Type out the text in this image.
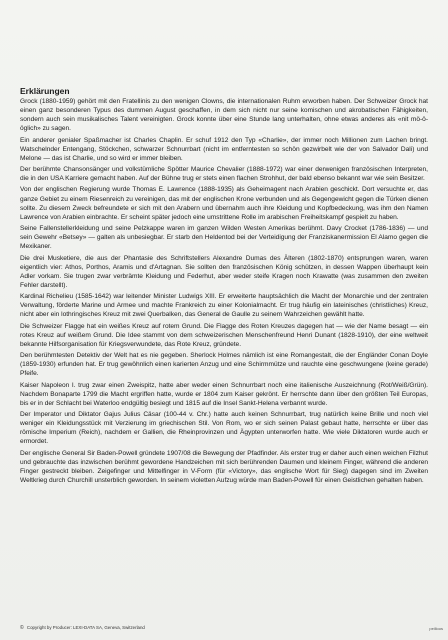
Erklärungen

Grock (1880-1959) gehört mit den Fratellinis zu den wenigen Clowns, die internationalen Ruhm erworben haben. Der Schweizer Grock hat einen ganz besonderen Typus des dummen August geschaffen, in dem sich nicht nur seine komischen und akrobatischen Fähigkeiten, sondern auch sein musikalisches Talent vereinigten. Grock konnte über eine Stunde lang unterhalten, ohne etwas anderes als «nit mö-ö-öglich» zu sagen.

Ein anderer genialer Spaßmacher ist Charles Chaplin. Er schuf 1912 den Typ «Charlie», der immer noch Millionen zum Lachen bringt. Watschelnder Entengang, Stöckchen, schwarzer Schnurrbart (nicht im entferntesten so schön gezwirbelt wie der von Salvador Dali) und Melone — das ist Charlie, und so wird er immer bleiben.

Der berühmte Chansonsänger und volkstümliche Spötter Maurice Chevalier (1888-1972) war einer derwenigen französischen Interpreten, die in den USA Karriere gemacht haben. Auf der Bühne trug er stets einen flachen Strohhut, der bald ebenso bekannt war wie sein Besitzer.

Von der englischen Regierung wurde Thomas E. Lawrence (1888-1935) als Geheimagent nach Arabien geschickt. Dort versuchte er, das ganze Gebiet zu einem Riesenreich zu vereinigen, das mit der englischen Krone verbunden und als Gegengewicht gegen die Türken dienen sollte. Zu diesem Zweck befreundete er sich mit den Arabern und übernahm auch ihre Kleidung und Kopfbedeckung, was ihm den Namen Lawrence von Arabien einbrachte. Er scheint später jedoch eine umstrittene Rolle im arabischen Freiheitskampf gespielt zu haben.

Seine Fallenstellerkleidung und seine Pelzkappe waren im ganzen Wilden Westen Amerikas berühmt. Davy Crocket (1786-1836) — und sein Gewehr «Betsey» — galten als unbesiegbar. Er starb den Heldentod bei der Verteidigung der Franziskanermission El Alamo gegen die Mexikaner.

Die drei Musketiere, die aus der Phantasie des Schriftstellers Alexandre Dumas des Älteren (1802-1870) entsprungen waren, waren eigentlich vier: Athos, Porthos, Aramis und d'Artagnan. Sie sollten den französischen König schützen, in dessen Wappen überhaupt kein Adler vorkam. Sie trugen zwar verbrämte Kleidung und Federhut, aber weder steife Kragen noch Krawatte (was zusammen den zweiten Fehler darstellt).

Kardinal Richelieu (1585-1642) war leitender Minister Ludwigs XIII. Er erweiterte hauptsächlich die Macht der Monarchie und der zentralen Verwaltung, förderte Marine und Armee und machte Frankreich zu einer Kolonialmacht. Er trug häufig ein lateinisches (christliches) Kreuz, nicht aber ein lothringisches Kreuz mit zwei Querbalken, das General de Gaulle zu seinem Wahrzeichen gewählt hatte.

Die Schweizer Flagge hat ein weißes Kreuz auf rotem Grund. Die Flagge des Roten Kreuzes dagegen hat — wie der Name besagt — ein rotes Kreuz auf weißem Grund. Die Idee stammt von dem schweizerischen Menschenfreund Henri Dunant (1828-1910), der eine weltweit bekannte Hilfsorganisation für Kriegsverwundete, das Rote Kreuz, gründete.

Den berühmtesten Detektiv der Welt hat es nie gegeben. Sherlock Holmes nämlich ist eine Romangestalt, die der Engländer Conan Doyle (1859-1930) erfunden hat. Er trug gewöhnlich einen karierten Anzug und eine Schirmmütze und rauchte eine geschwungene (keine gerade) Pfeife.

Kaiser Napoleon I. trug zwar einen Zweispitz, hatte aber weder einen Schnurrbart noch eine italienische Auszeichnung (Rot/Weiß/Grün). Nachdem Bonaparte 1799 die Macht ergriffen hatte, wurde er 1804 zum Kaiser gekrönt. Er herrschte dann über den größten Teil Europas, bis er in der Schlacht bei Waterloo endgültig besiegt und 1815 auf die Insel Sankt-Helena verbannt wurde.

Der Imperator und Diktator Gajus Julius Cäsar (100-44 v. Chr.) hatte auch keinen Schnurrbart, trug natürlich keine Brille und noch viel weniger ein Kleidungsstück mit Verzierung im griechischen Stil. Von Rom, wo er sich seinen Palast gebaut hatte, herrschte er über das römische Imperium (Reich), nachdem er Gallien, die Rheinprovinzen und Ägypten unterworfen hatte. Wie viele Diktatoren wurde auch er ermordet.

Der englische General Sir Baden-Powell gründete 1907/08 die Bewegung der Pfadfinder. Als erster trug er daher auch einen weichen Filzhut und gebrauchte das inzwischen berühmt gewordene Handzeichen mit sich berührenden Daumen und kleinem Finger, während die anderen Finger gestreckt bleiben. Zeigefinger und Mittelfinger in V-Form (für «Victory», das englische Wort für Sieg) dagegen sind im Zweiten Weltkrieg durch Churchill unsterblich geworden. In seinem violetten Aufzug würde man Baden-Powell für einen Geistlichen gehalten haben.

© Copyright by Producer: LEXI-DATA SA, Geneva, Switzerland	peilloos
